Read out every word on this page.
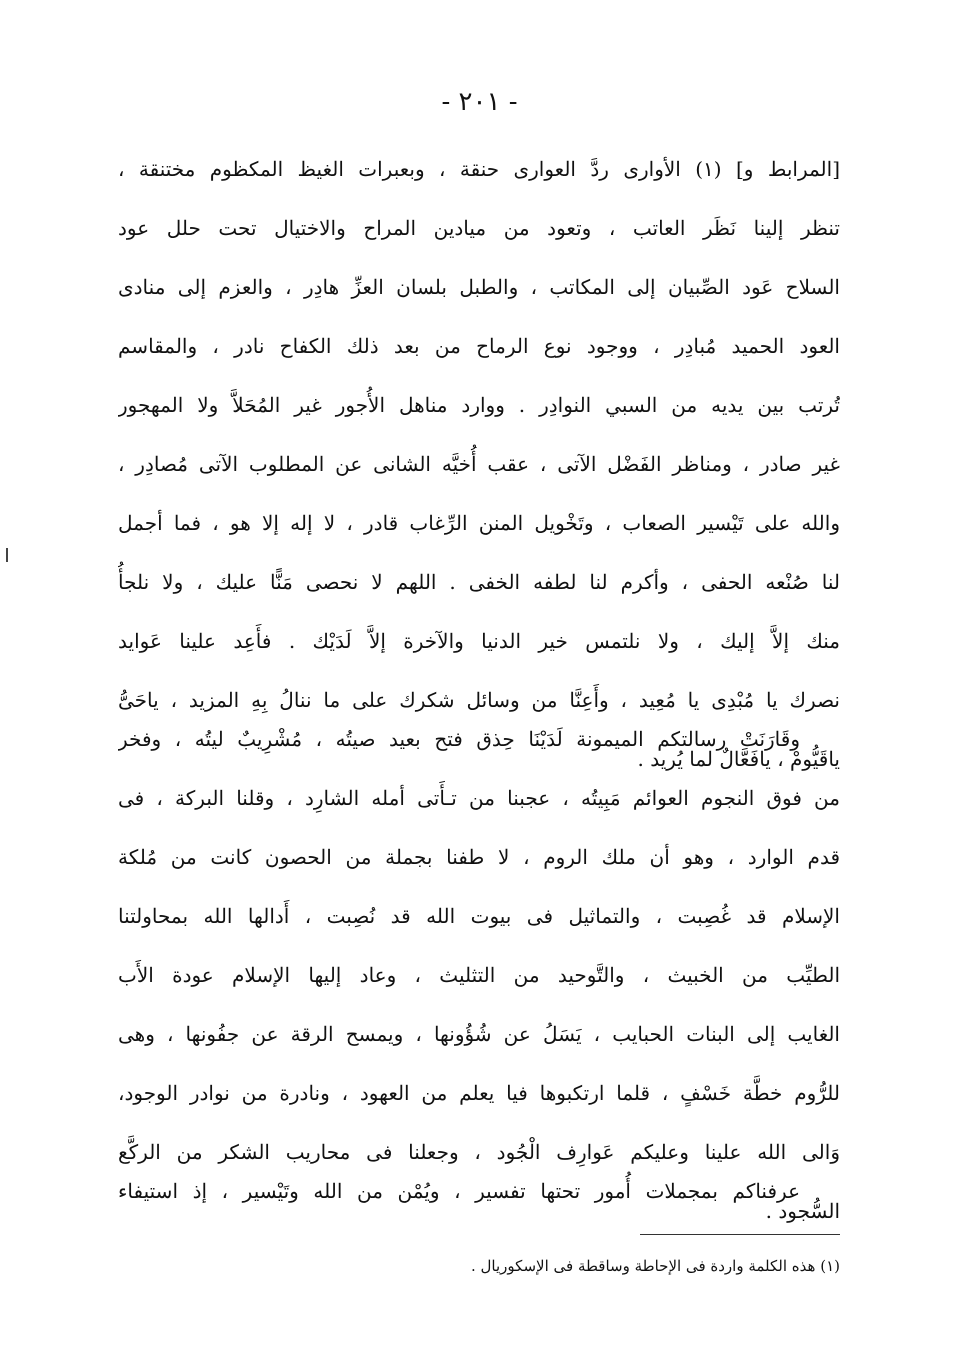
- ٢٠١ -
[المرابط و] (١) الأوارى ردَّ العوارى حنقة ، وبعبرات الغيظ المكظوم مختنقة ،
تنظر إلينا نَظَر العاتب ، وتعود من ميادين المراح والاختيال تحت حلل عود
السلاح عَود الصِّبيان إلى المكاتب ، والطبل بلسان العزِّ هادِر ، والعزم إلى منادى
العود الحميد مُبادِر ، ووجود نوع الرماح من بعد ذلك الكفاح نادر ، والمقاسم
تُرتب بين يديه من السبي النوادِر . ووارد مناهل الأُجور غير المُحَلاَّ ولا المهجور
غير صادر ، ومناظر الفَضْل الآتى ، عقب أُخيَّه الشانى عن المطلوب الآتى مُصادِر ،
والله على تَيْسير الصعاب ، وتَخْويل المنن الرِّغاب قادر ، لا إله إلا هو ، فما أجمل
لنا صُنْعه الحفى ، وأكرم لنا لطفه الخفى . اللهم لا نحصى مَنًّا عليك ، ولا نلجأُ
منك إلاَّ إليك ، ولا نلتمس خير الدنيا والآخرة إلاَّ لَدَيْك . فأَعِد علينا عَوايد
نصرك يا مُبْدِى يا مُعِيد ، وأَعِنَّا من وسائل شكرك على ما ننالُ بِهِ المزيد ، ياحَىُّ
ياقَيُّومْ ، يافَعَّالٌ لما يُريد .
وقَارَنَتْ رسالتكم الميمونة لَدَيْنَا حِذق فتح بعيد صيتُه ، مُشْرِيبٌ ليتُه ، وفخر
من فوق النجوم العوائم مَبِيتُه ، عجبنا من تـأَتى أمله الشارِد ، وقلنا البركة ، فى
قدم الوارد ، وهو أن ملك الروم ، لا طفنا بجملة من الحصون كانت من مُلكة
الإسلام قد غُصِبت ، والتماثيل فى بيوت الله قد نُصِبت ، أَدالها الله بمحاولتنا
الطيِّب من الخبيث ، والتَّوحيد من التثليث ، وعاد إليها الإسلام عودة الأَب
الغايب إلى البنات الحبايب ، يَسَلُ عن شُؤُونها ، ويمسح الرقة عن جفُونها ، وهى
للرُّوم خطَّة خَسْفٍ ، قلما ارتكبوها فيا يعلم من العهود ، ونادرة من نوادر الوجود،
وَالى الله علينا وعليكم عَوارِف الْجُود ، وجعلنا فى محاريب الشكر من الركَّع
السُّجود .
عرفناكم بمجملات أُمور تحتها تفسير ، ويُمْن من الله وتَيْسير ، إذ استيفاء
(١) هذه الكلمة واردة فى الإحاطة وساقطة فى الإسكوريال .
